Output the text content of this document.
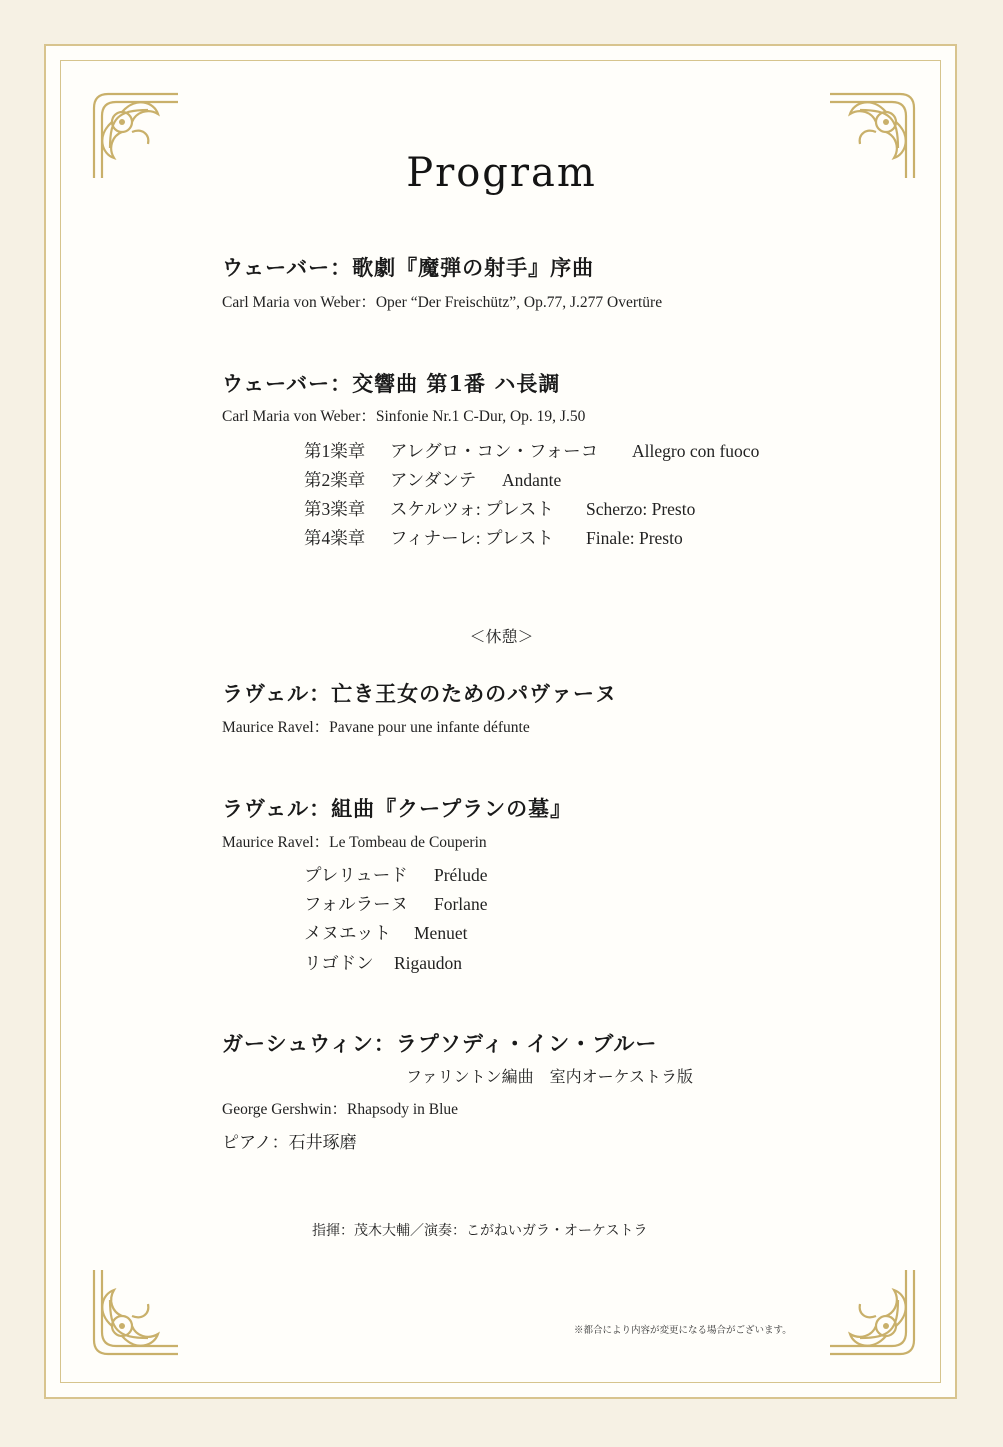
Program
ウェーバー：歌劇『魔弾の射手』序曲
Carl Maria von Weber：Oper “Der Freischütz”, Op.77, J.277 Overtüre
ウェーバー：交響曲 第1番 ハ長調
Carl Maria von Weber：Sinfonie Nr.1 C-Dur, Op. 19, J.50
第1楽章 アレグロ・コン・フォーコ Allegro con fuoco
第2楽章 アンダンテ Andante
第3楽章 スケルツォ: プレスト Scherzo: Presto
第4楽章 フィナーレ: プレスト Finale: Presto
＜休憩＞
ラヴェル：亡き王女のためのパヴァーヌ
Maurice Ravel：Pavane pour une infante défunte
ラヴェル：組曲『クープランの墓』
Maurice Ravel：Le Tombeau de Couperin
プレリュード Prélude
フォルラーヌ Forlane
メヌエット Menuet
リゴドン Rigaudon
ガーシュウィン：ラプソディ・イン・ブルー
ファリントン編曲　室内オーケストラ版
George Gershwin：Rhapsody in Blue
ピアノ：石井琢磨
指揮：茂木大輔／演奏：こがねいガラ・オーケストラ
※都合により内容が変更になる場合がございます。
